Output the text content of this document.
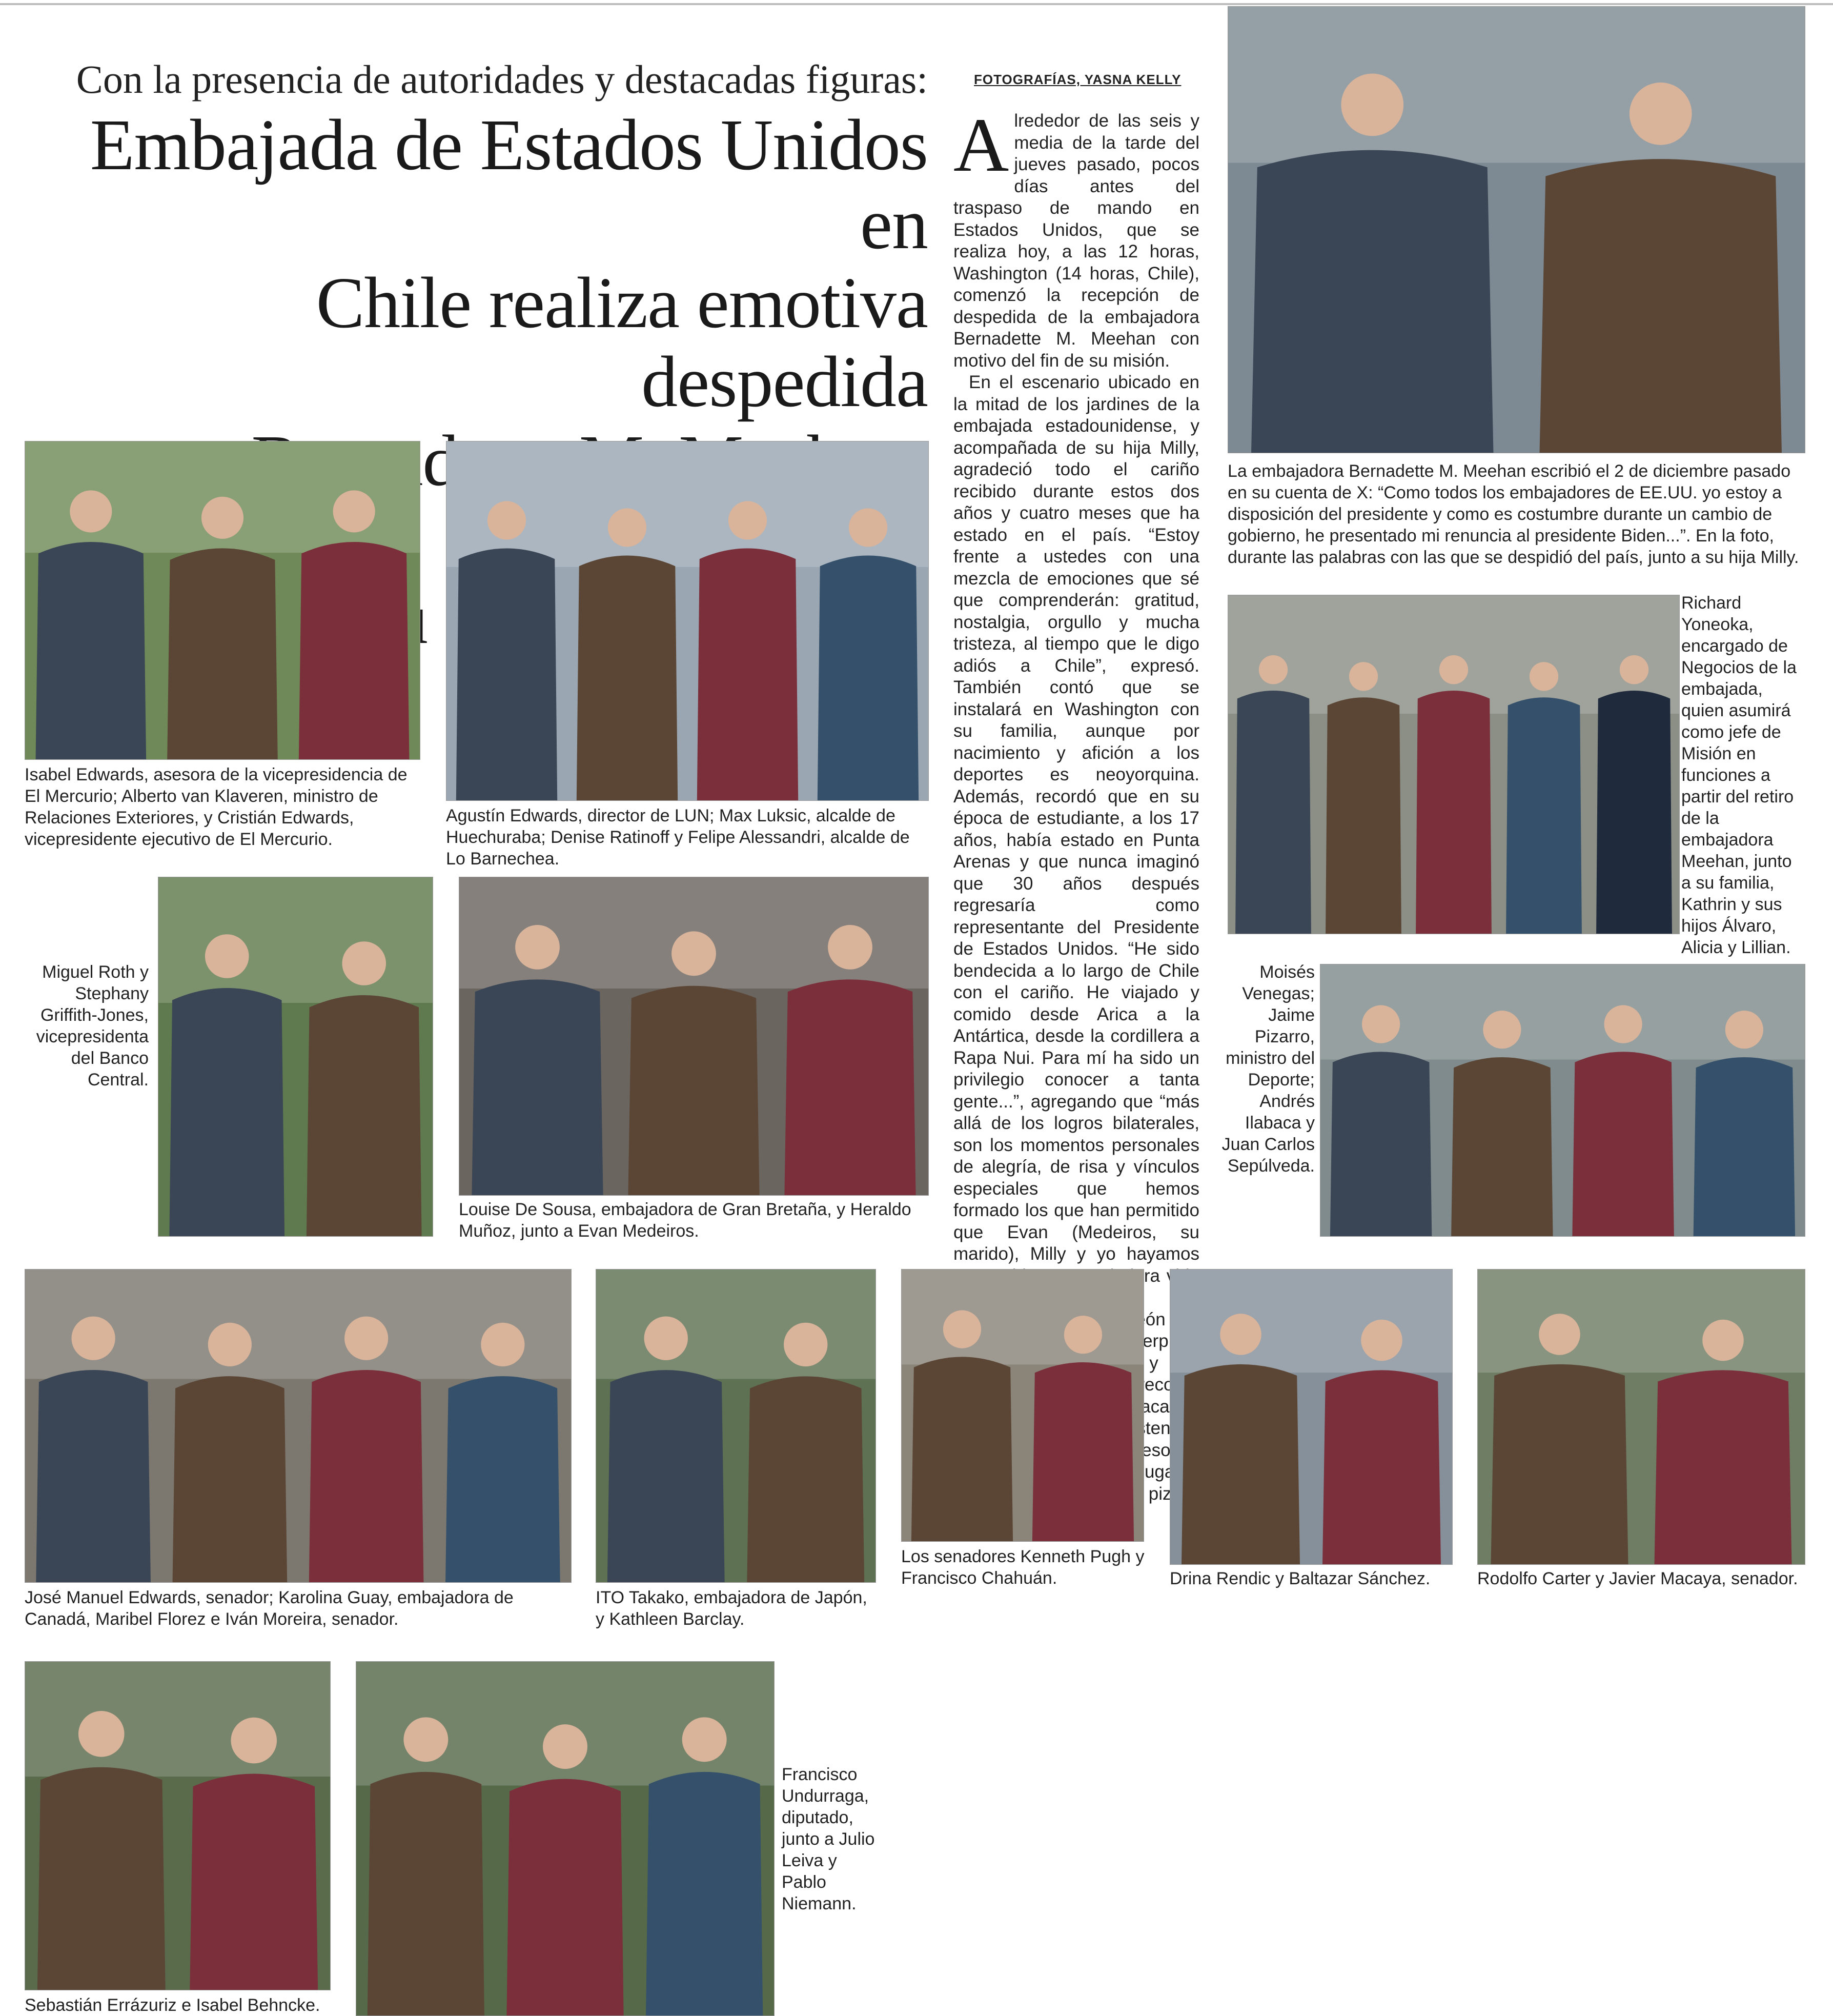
Con la presencia de autoridades y destacadas figuras:
Embajada de Estados Unidos en
Chile realiza emotiva despedida
FOTOGRAFÍAS, YASNA KELLY

Alrededor de las seis y media de la tarde del jueves pasado, pocos días antes del traspaso de mando en Estados Unidos, que se realiza hoy, a las 12 horas, Washington (14 horas, Chile), comenzó la recepción de despedida de la embajadora Bernadette M. Meehan con motivo del fin de su misión.

En el escenario ubicado en la mitad de los jardines de la embajada estadounidense, y acompañada de su hija Milly, agradeció todo el cariño recibido durante estos dos años y cuatro meses que ha estado en el país. “Estoy frente a ustedes con una mezcla de emociones que sé que comprenderán: gratitud, nostalgia, orgullo y mucha tristeza, al tiempo que le digo adiós a Chile”, expresó. También contó que se instalará en Washington con su familia, aunque por nacimiento y afición a los deportes es neoyorquina. Además, recordó que en su época de estudiante, a los 17 años, había estado en Punta Arenas y que nunca imaginó que 30 años después regresaría como representante del Presidente de Estados Unidos. “He sido bendecida a lo largo de Chile con el cariño. He viajado y comido desde Arica a la Antártica, desde la cordillera a Rapa Nui. Para mí ha sido un privilegio conocer a tanta gente...”, agregando que “más allá de los logros bilaterales, son los momentos personales de alegría, de risa y vínculos especiales que hemos formado los que han permitido que Evan (Medeiros, su marido), Milly y yo hayamos

interpretó y recordó sacando asistentes, mesones lugares

Isabel Edwards, asesora de la vicepresidencia de El Mercurio; Alberto van Klaveren, ministro de Relaciones Exteriores, y Cristián Edwards, vicepresidente ejecutivo de El Mercurio.
Agustín Edwards, director de LUN; Max Luksic, alcalde de Huechuraba; Denise Ratinoff y Felipe Alessandri, alcalde de Lo Barnechea.
La embajadora Bernadette M. Meehan escribió el 2 de diciembre pasado en su cuenta de X: “Como todos los embajadores de EE.UU. yo estoy a disposición del presidente y como es costumbre durante un cambio de gobierno, he presentado mi renuncia al presidente Biden...”. En la foto, durante las palabras con las que se despidió del país, junto a su hija Milly.
Richard Yoneoka, encargado de Negocios de la embajada, quien asumirá como jefe de Misión en funciones a partir del retiro de la embajadora Meehan, junto a su familia, Kathrin y sus hijos Álvaro, Alicia y Lillian.
Miguel Roth y Stephany Griffith-Jones, vicepresidenta del Banco Central.
Louise De Sousa, embajadora de Gran Bretaña, y Heraldo Muñoz, junto a Evan Medeiros.
Moisés Venegas; Jaime Pizarro, ministro del Deporte; Andrés Ilabaca y Juan Carlos Sepúlveda.
José Manuel Edwards, senador; Karolina Guay, embajadora de Canadá, Maribel Florez e Iván Moreira, senador.
ITO Takako, embajadora de Japón, y Kathleen Barclay.
Los senadores Kenneth Pugh y Francisco Chahuán.	Drina Rendic y Baltazar Sánchez.	Rodolfo Carter y Javier Macaya, senador.
Sebastián Errázuriz e Isabel Behncke.
Francisco Undurraga, diputado, junto a Julio Leiva y Pablo Niemann.
